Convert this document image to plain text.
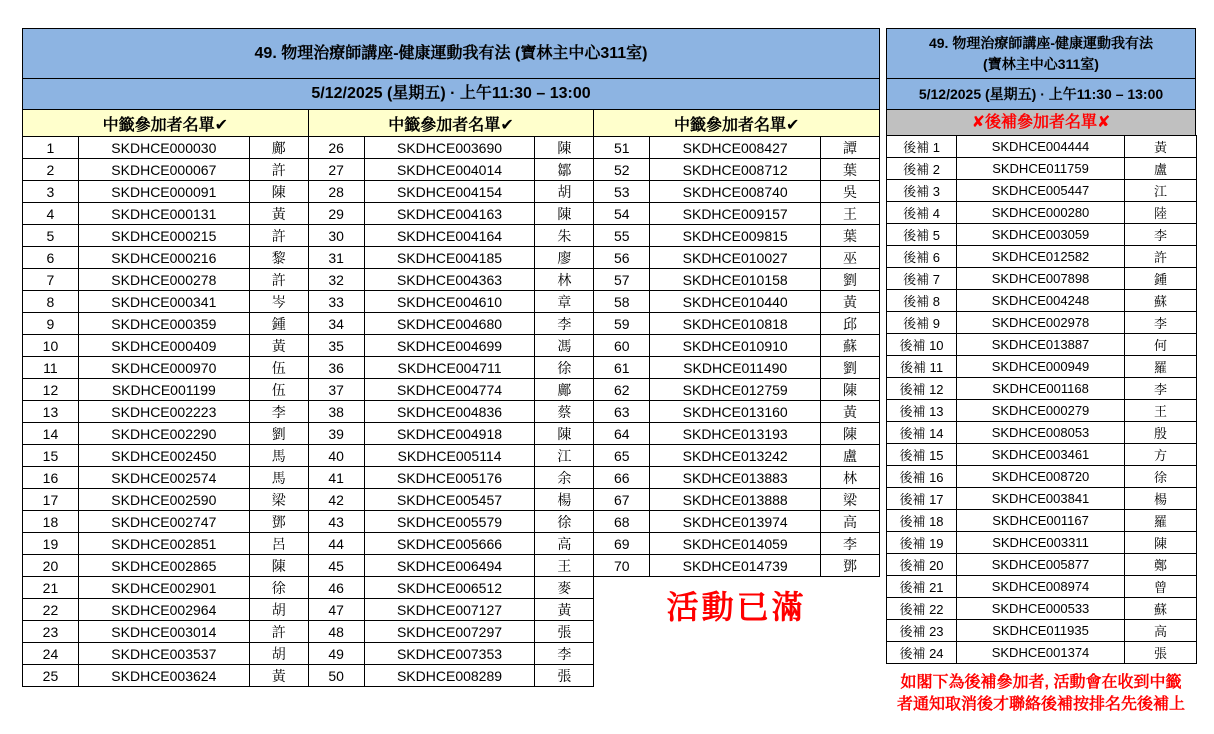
49. 物理治療師講座-健康運動我有法 (寶林主中心311室)
5/12/2025 (星期五) · 上午11:30 – 13:00
中籤參加者名單✔		
1	SKDHCE000030	鄺
2	SKDHCE000067	許
3	SKDHCE000091	陳
4	SKDHCE000131	黃
5	SKDHCE000215	許
6	SKDHCE000216	黎
7	SKDHCE000278	許
8	SKDHCE000341	岑
9	SKDHCE000359	鍾
10	SKDHCE000409	黃
11	SKDHCE000970	伍
12	SKDHCE001199	伍
13	SKDHCE002223	李
14	SKDHCE002290	劉
15	SKDHCE002450	馬
16	SKDHCE002574	馬
17	SKDHCE002590	梁
18	SKDHCE002747	鄧
19	SKDHCE002851	呂
20	SKDHCE002865	陳
21	SKDHCE002901	徐
22	SKDHCE002964	胡
23	SKDHCE003014	許
24	SKDHCE003537	胡
25	SKDHCE003624	黃
中籤參加者名單✔		
26	SKDHCE003690	陳
27	SKDHCE004014	鄒
28	SKDHCE004154	胡
29	SKDHCE004163	陳
30	SKDHCE004164	朱
31	SKDHCE004185	廖
32	SKDHCE004363	林
33	SKDHCE004610	章
34	SKDHCE004680	李
35	SKDHCE004699	馮
36	SKDHCE004711	徐
37	SKDHCE004774	鄺
38	SKDHCE004836	蔡
39	SKDHCE004918	陳
40	SKDHCE005114	江
41	SKDHCE005176	余
42	SKDHCE005457	楊
43	SKDHCE005579	徐
44	SKDHCE005666	高
45	SKDHCE006494	王
46	SKDHCE006512	麥
47	SKDHCE007127	黃
48	SKDHCE007297	張
49	SKDHCE007353	李
50	SKDHCE008289	張
中籤參加者名單✔		
51	SKDHCE008427	譚
52	SKDHCE008712	葉
53	SKDHCE008740	吳
54	SKDHCE009157	王
55	SKDHCE009815	葉
56	SKDHCE010027	巫
57	SKDHCE010158	劉
58	SKDHCE010440	黃
59	SKDHCE010818	邱
60	SKDHCE010910	蘇
61	SKDHCE011490	劉
62	SKDHCE012759	陳
63	SKDHCE013160	黃
64	SKDHCE013193	陳
65	SKDHCE013242	盧
66	SKDHCE013883	林
67	SKDHCE013888	梁
68	SKDHCE013974	高
69	SKDHCE014059	李
70	SKDHCE014739	鄧
活動已滿
49. 物理治療師講座-健康運動我有法
(寶林主中心311室)
5/12/2025 (星期五) · 上午11:30 – 13:00
✘後補參加者名單✘
後補 1	SKDHCE004444	黃
後補 2	SKDHCE011759	盧
後補 3	SKDHCE005447	江
後補 4	SKDHCE000280	陸
後補 5	SKDHCE003059	李
後補 6	SKDHCE012582	許
後補 7	SKDHCE007898	鍾
後補 8	SKDHCE004248	蘇
後補 9	SKDHCE002978	李
後補 10	SKDHCE013887	何
後補 11	SKDHCE000949	羅
後補 12	SKDHCE001168	李
後補 13	SKDHCE000279	王
後補 14	SKDHCE008053	殷
後補 15	SKDHCE003461	方
後補 16	SKDHCE008720	徐
後補 17	SKDHCE003841	楊
後補 18	SKDHCE001167	羅
後補 19	SKDHCE003311	陳
後補 20	SKDHCE005877	鄭
後補 21	SKDHCE008974	曾
後補 22	SKDHCE000533	蘇
後補 23	SKDHCE011935	高
後補 24	SKDHCE001374	張
如閣下為後補參加者, 活動會在收到中籤
者通知取消後才聯絡後補按排名先後補上
